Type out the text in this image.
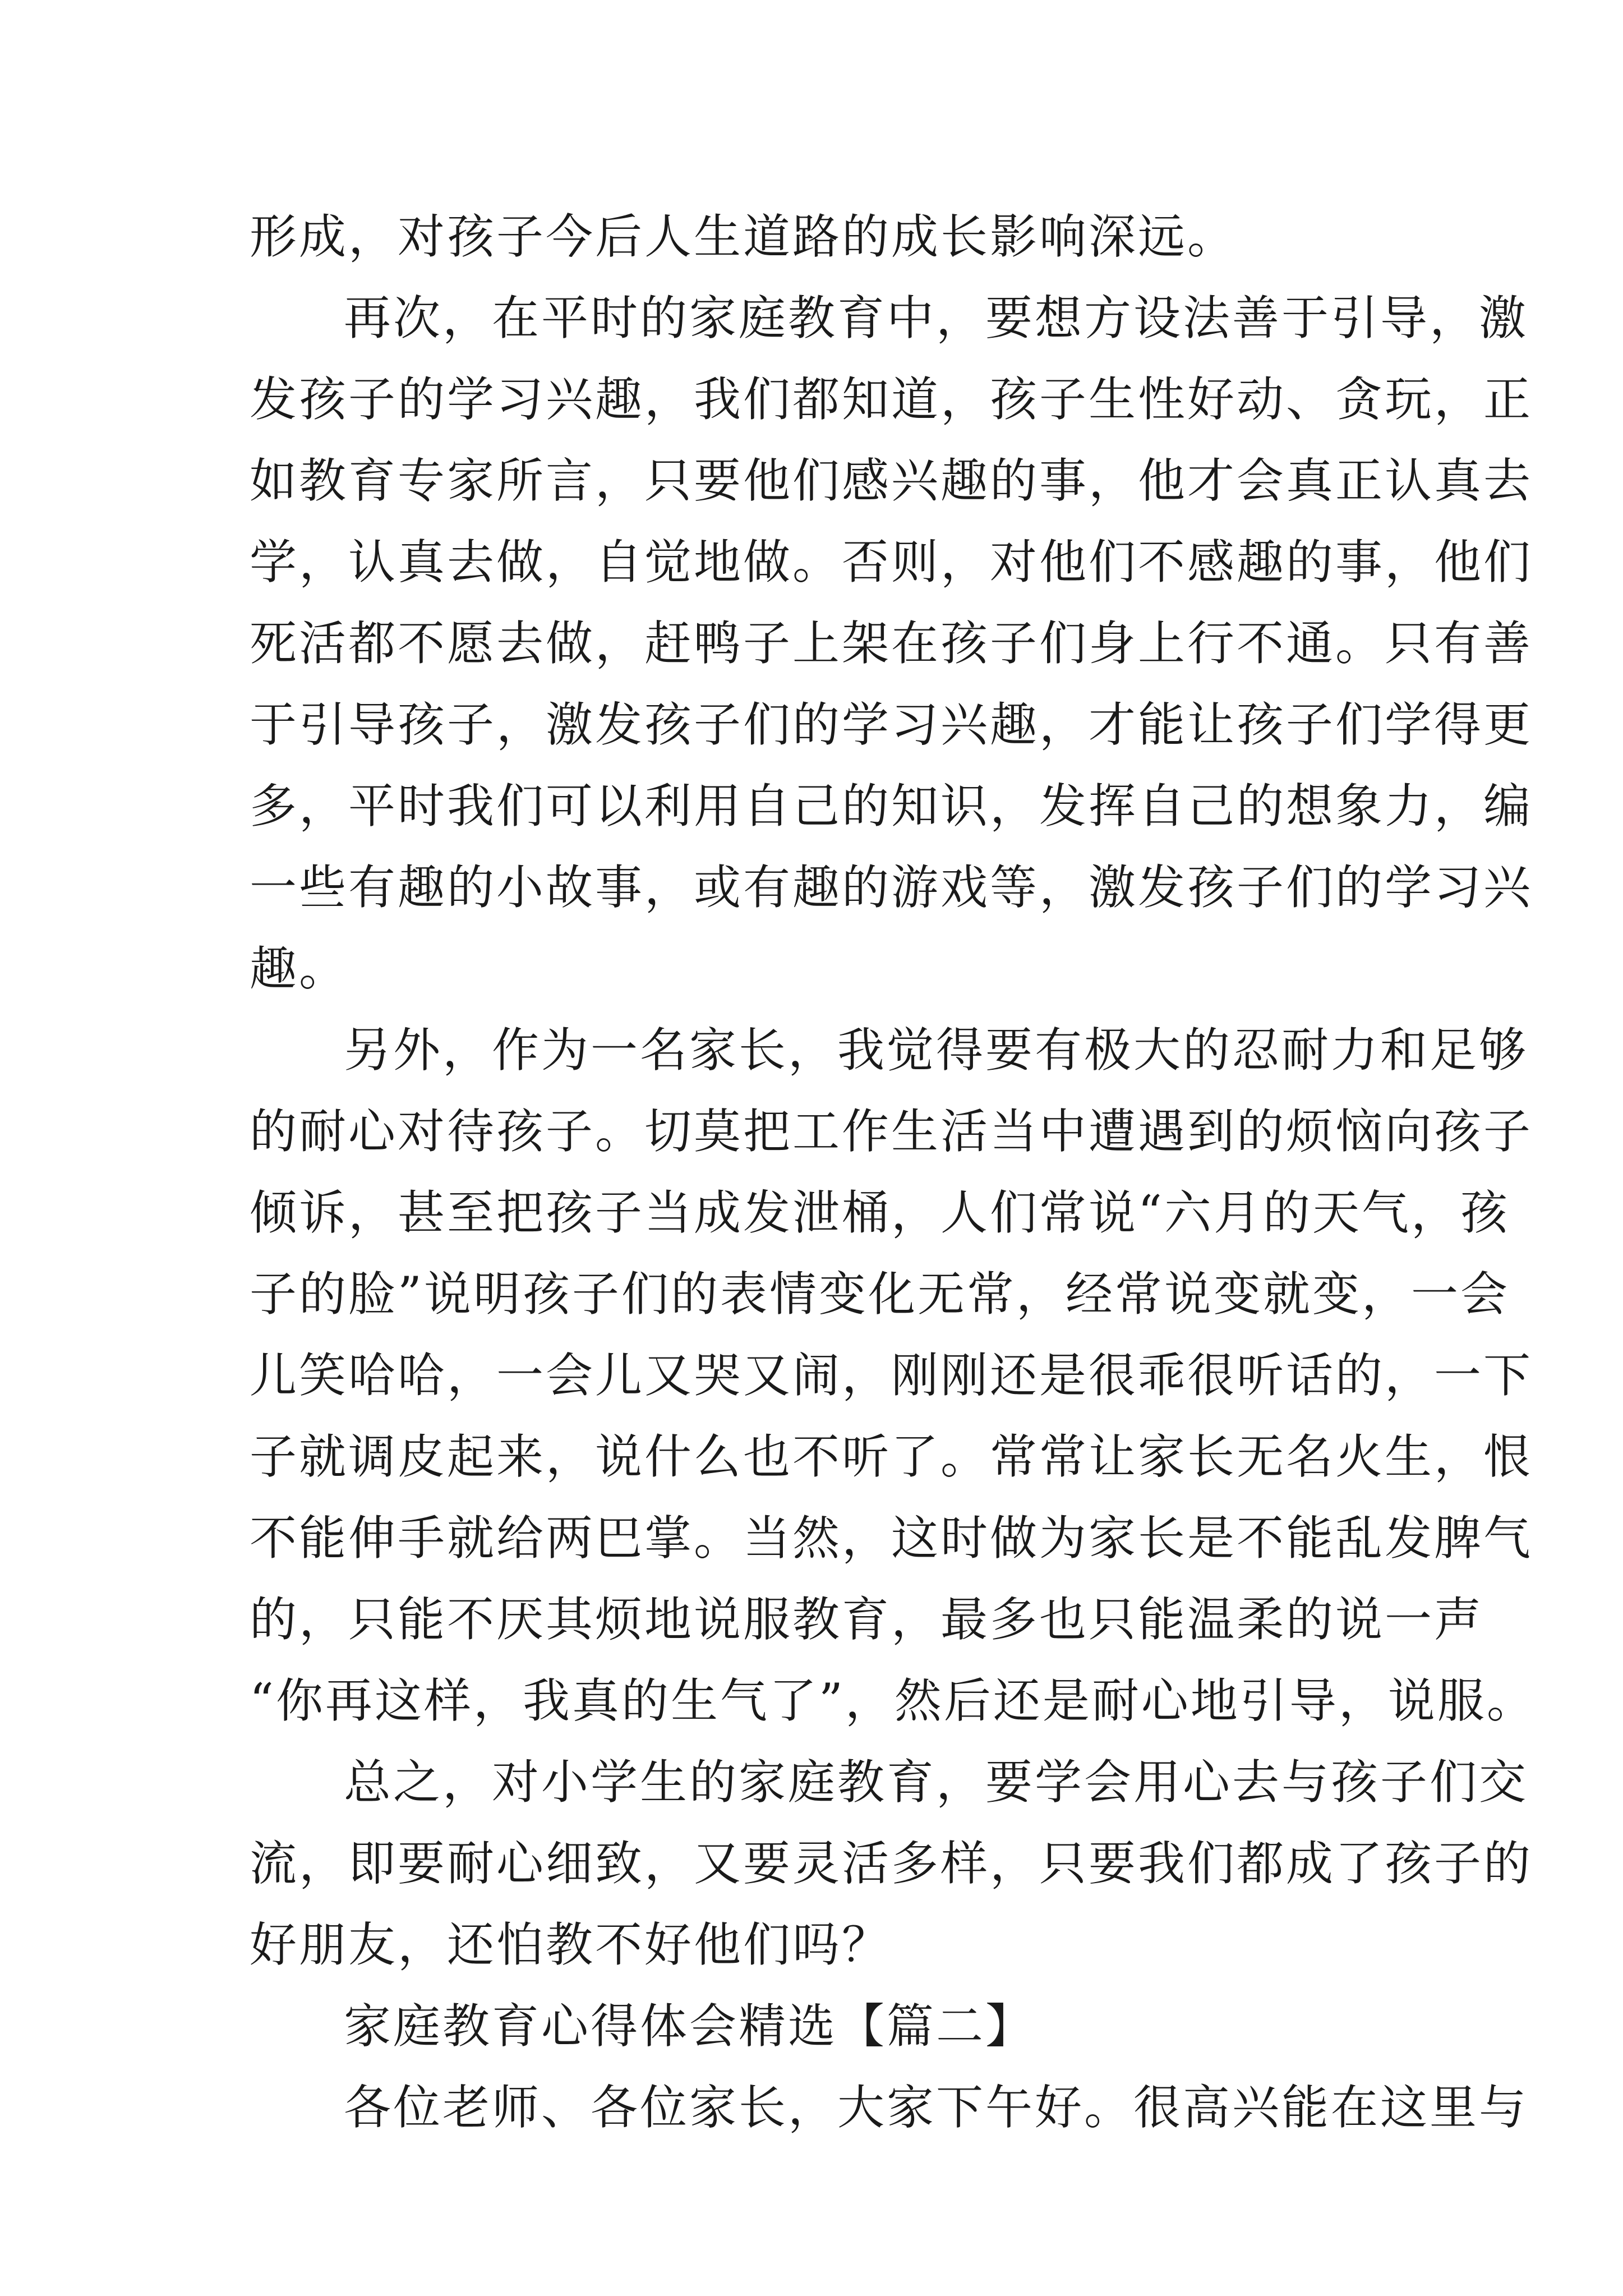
形成，对孩子今后人生道路的成长影响深远。
再次，在平时的家庭教育中，要想方设法善于引导，激
发孩子的学习兴趣，我们都知道，孩子生性好动、贪玩，正
如教育专家所言，只要他们感兴趣的事，他才会真正认真去
学，认真去做，自觉地做。否则，对他们不感趣的事，他们
死活都不愿去做，赶鸭子上架在孩子们身上行不通。只有善
于引导孩子，激发孩子们的学习兴趣，才能让孩子们学得更
多，平时我们可以利用自己的知识，发挥自己的想象力，编
一些有趣的小故事，或有趣的游戏等，激发孩子们的学习兴
趣。
另外，作为一名家长，我觉得要有极大的忍耐力和足够
的耐心对待孩子。切莫把工作生活当中遭遇到的烦恼向孩子
倾诉，甚至把孩子当成发泄桶，人们常说“六月的天气，孩
子的脸”说明孩子们的表情变化无常，经常说变就变，一会
儿笑哈哈，一会儿又哭又闹，刚刚还是很乖很听话的，一下
子就调皮起来，说什么也不听了。常常让家长无名火生，恨
不能伸手就给两巴掌。当然，这时做为家长是不能乱发脾气
的，只能不厌其烦地说服教育，最多也只能温柔的说一声
“你再这样，我真的生气了”，然后还是耐心地引导，说服。
总之，对小学生的家庭教育，要学会用心去与孩子们交
流，即要耐心细致，又要灵活多样，只要我们都成了孩子的
好朋友，还怕教不好他们吗？
家庭教育心得体会精选【篇二】
各位老师、各位家长，大家下午好。很高兴能在这里与
